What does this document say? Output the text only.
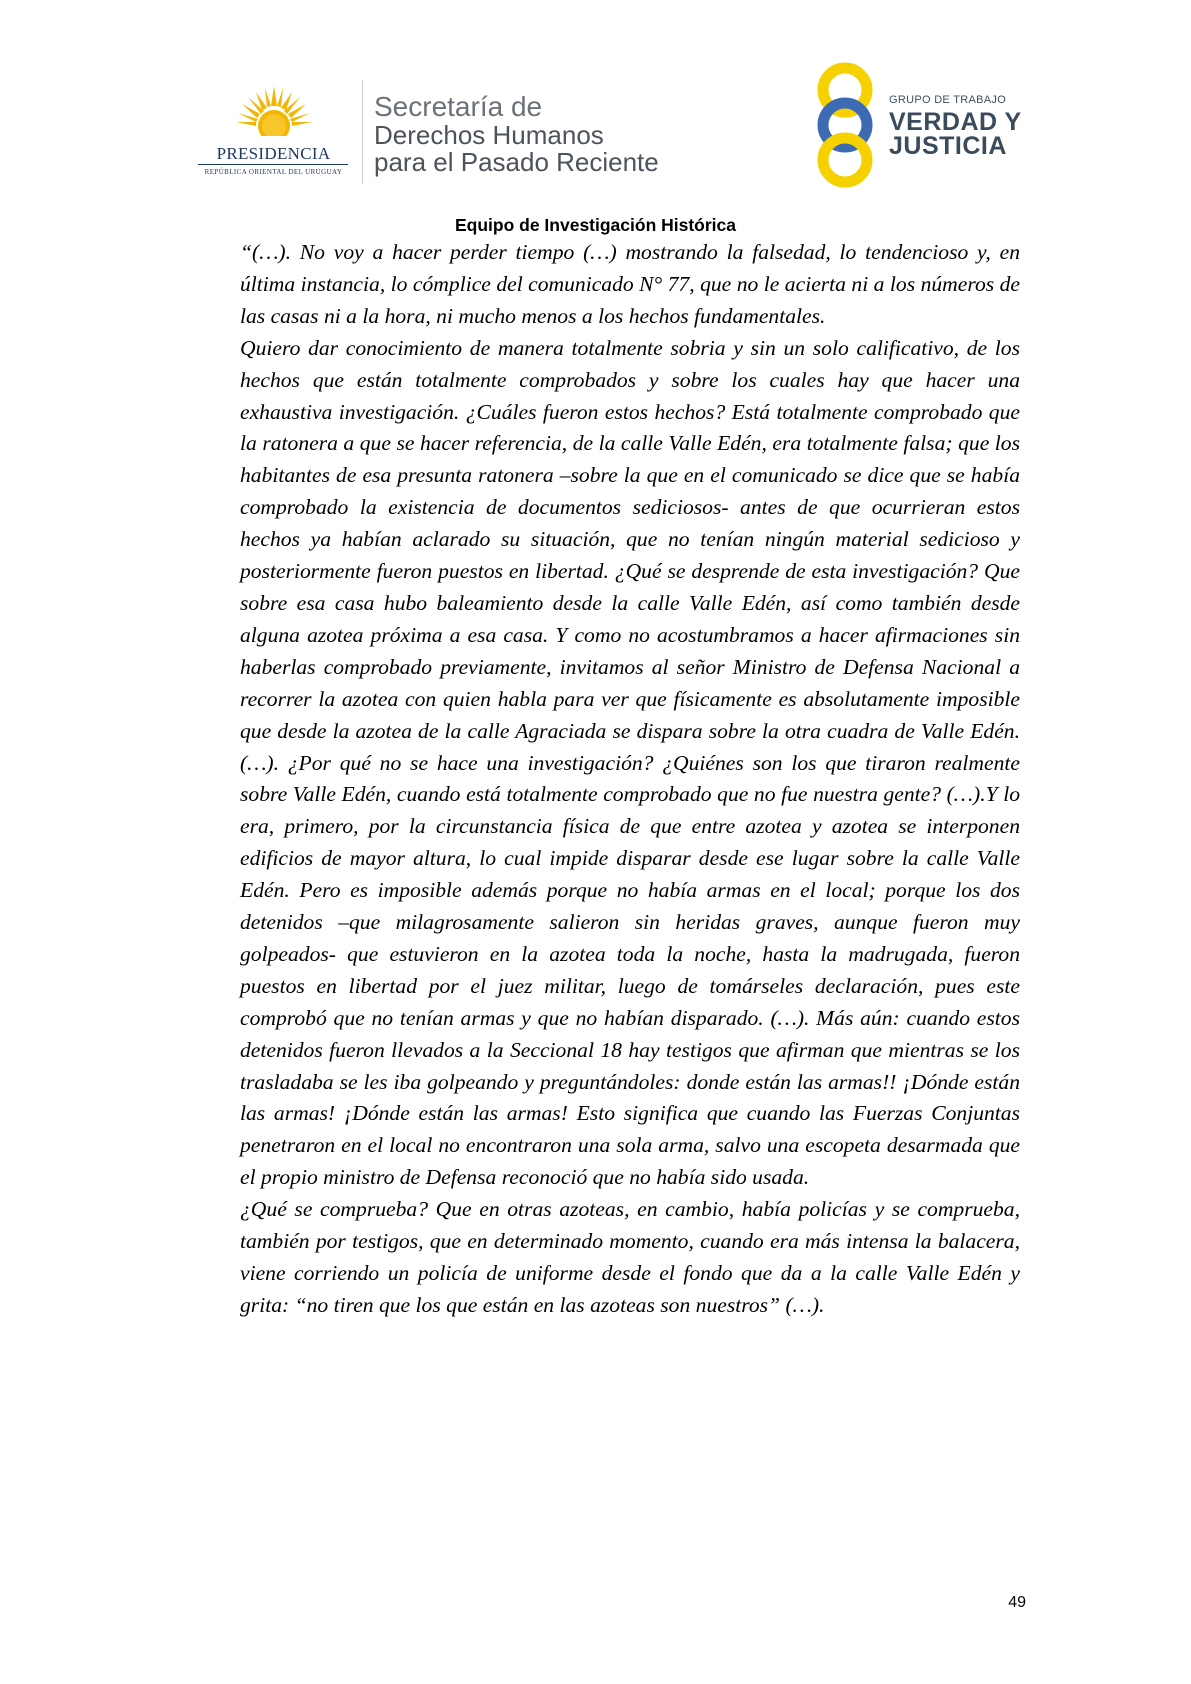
PRESIDENCIA
REPÚBLICA ORIENTAL DEL URUGUAY
Secretaría de
Derechos Humanos
para el Pasado Reciente
GRUPO DE TRABAJO
VERDAD Y
JUSTICIA
Equipo de Investigación Histórica

“(…). No voy a hacer perder tiempo (…) mostrando la falsedad, lo tendencioso y, en última instancia, lo cómplice del comunicado N° 77, que no le acierta ni a los números de las casas ni a la hora, ni mucho menos a los hechos fundamentales.

Quiero dar conocimiento de manera totalmente sobria y sin un solo calificativo, de los hechos que están totalmente comprobados y sobre los cuales hay que hacer una exhaustiva investigación. ¿Cuáles fueron estos hechos? Está totalmente comprobado que la ratonera a que se hacer referencia, de la calle Valle Edén, era totalmente falsa; que los habitantes de esa presunta ratonera –sobre la que en el comunicado se dice que se había comprobado la existencia de documentos sediciosos- antes de que ocurrieran estos hechos ya habían aclarado su situación, que no tenían ningún material sedicioso y posteriormente fueron puestos en libertad. ¿Qué se desprende de esta investigación? Que sobre esa casa hubo baleamiento desde la calle Valle Edén, así como también desde alguna azotea próxima a esa casa. Y como no acostumbramos a hacer afirmaciones sin haberlas comprobado previamente, invitamos al señor Ministro de Defensa Nacional a recorrer la azotea con quien habla para ver que físicamente es absolutamente imposible que desde la azotea de la calle Agraciada se dispara sobre la otra cuadra de Valle Edén. (…). ¿Por qué no se hace una investigación? ¿Quiénes son los que tiraron realmente sobre Valle Edén, cuando está totalmente comprobado que no fue nuestra gente? (…).Y lo era, primero, por la circunstancia física de que entre azotea y azotea se interponen edificios de mayor altura, lo cual impide disparar desde ese lugar sobre la calle Valle Edén. Pero es imposible además porque no había armas en el local; porque los dos detenidos –que milagrosamente salieron sin heridas graves, aunque fueron muy golpeados- que estuvieron en la azotea toda la noche, hasta la madrugada, fueron puestos en libertad por el juez militar, luego de tomárseles declaración, pues este comprobó que no tenían armas y que no habían disparado. (…). Más aún: cuando estos detenidos fueron llevados a la Seccional 18 hay testigos que afirman que mientras se los trasladaba se les iba golpeando y preguntándoles: donde están las armas!! ¡Dónde están las armas! ¡Dónde están las armas! Esto significa que cuando las Fuerzas Conjuntas penetraron en el local no encontraron una sola arma, salvo una escopeta desarmada que el propio ministro de Defensa reconoció que no había sido usada.

¿Qué se comprueba? Que en otras azoteas, en cambio, había policías y se comprueba, también por testigos, que en determinado momento, cuando era más intensa la balacera, viene corriendo un policía de uniforme desde el fondo que da a la calle Valle Edén y grita: “no tiren que los que están en las azoteas son nuestros” (…).

49
